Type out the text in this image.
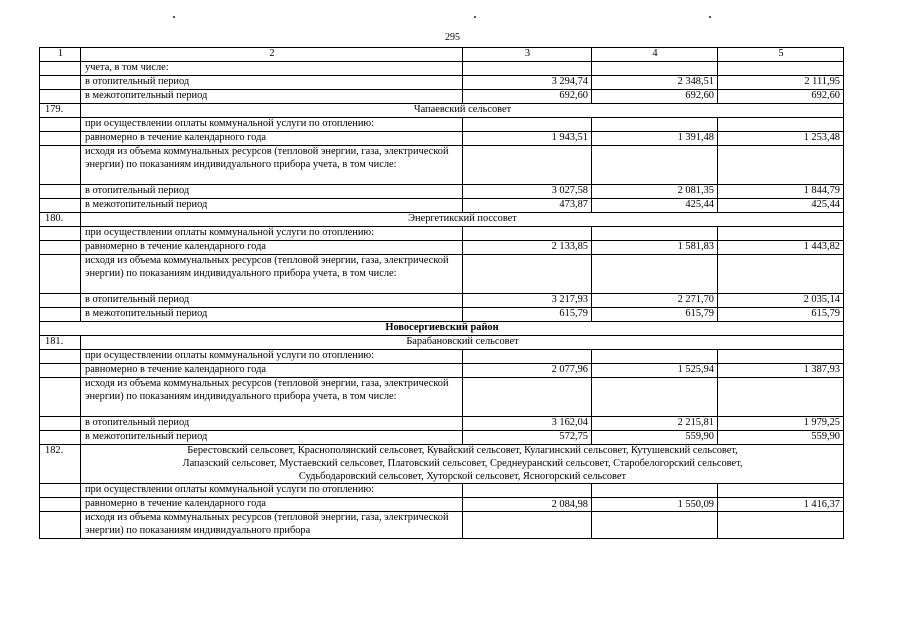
295
1	2	3	4	5
	учета, в том числе:			
	в отопительный период	3 294,74	2 348,51	2 111,95
	в межотопительный период	692,60	692,60	692,60
179.	Чапаевский сельсовет			
	при осуществлении оплаты коммунальной услуги по отоплению:			
	равномерно в течение календарного года	1 943,51	1 391,48	1 253,48
	исходя из объема коммунальных ресурсов (тепловой энергии, газа, электрической энергии) по показаниям индивидуального прибора учета, в том числе:			
	в отопительный период	3 027,58	2 081,35	1 844,79
	в межотопительный период	473,87	425,44	425,44
180.	Энергетикский поссовет			
	при осуществлении оплаты коммунальной услуги по отоплению:			
	равномерно в течение календарного года	2 133,85	1 581,83	1 443,82
	исходя из объема коммунальных ресурсов (тепловой энергии, газа, электрической энергии) по показаниям индивидуального прибора учета, в том числе:			
	в отопительный период	3 217,93	2 271,70	2 035,14
	в межотопительный период	615,79	615,79	615,79
Новосергиевский район				
181.	Барабановский сельсовет			
	при осуществлении оплаты коммунальной услуги по отоплению:			
	равномерно в течение календарного года	2 077,96	1 525,94	1 387,93
	исходя из объема коммунальных ресурсов (тепловой энергии, газа, электрической энергии) по показаниям индивидуального прибора учета, в том числе:			
	в отопительный период	3 162,04	2 215,81	1 979,25
	в межотопительный период	572,75	559,90	559,90
182.	Берестовский сельсовет, Краснополянский сельсовет, Кувайский сельсовет, Кулагинский сельсовет, Кутушевский сельсовет,
Лапазский сельсовет, Мустаевский сельсовет, Платовский сельсовет, Среднеуранский сельсовет, Старобелогорский сельсовет,
Судьбодаровский сельсовет, Хуторской сельсовет, Ясногорский сельсовет			

	при осуществлении оплаты коммунальной услуги по отоплению:			
	равномерно в течение календарного года	2 084,98	1 550,09	1 416,37
	исходя из объема коммунальных ресурсов (тепловой энергии, газа, электрической энергии) по показаниям индивидуального прибора			
